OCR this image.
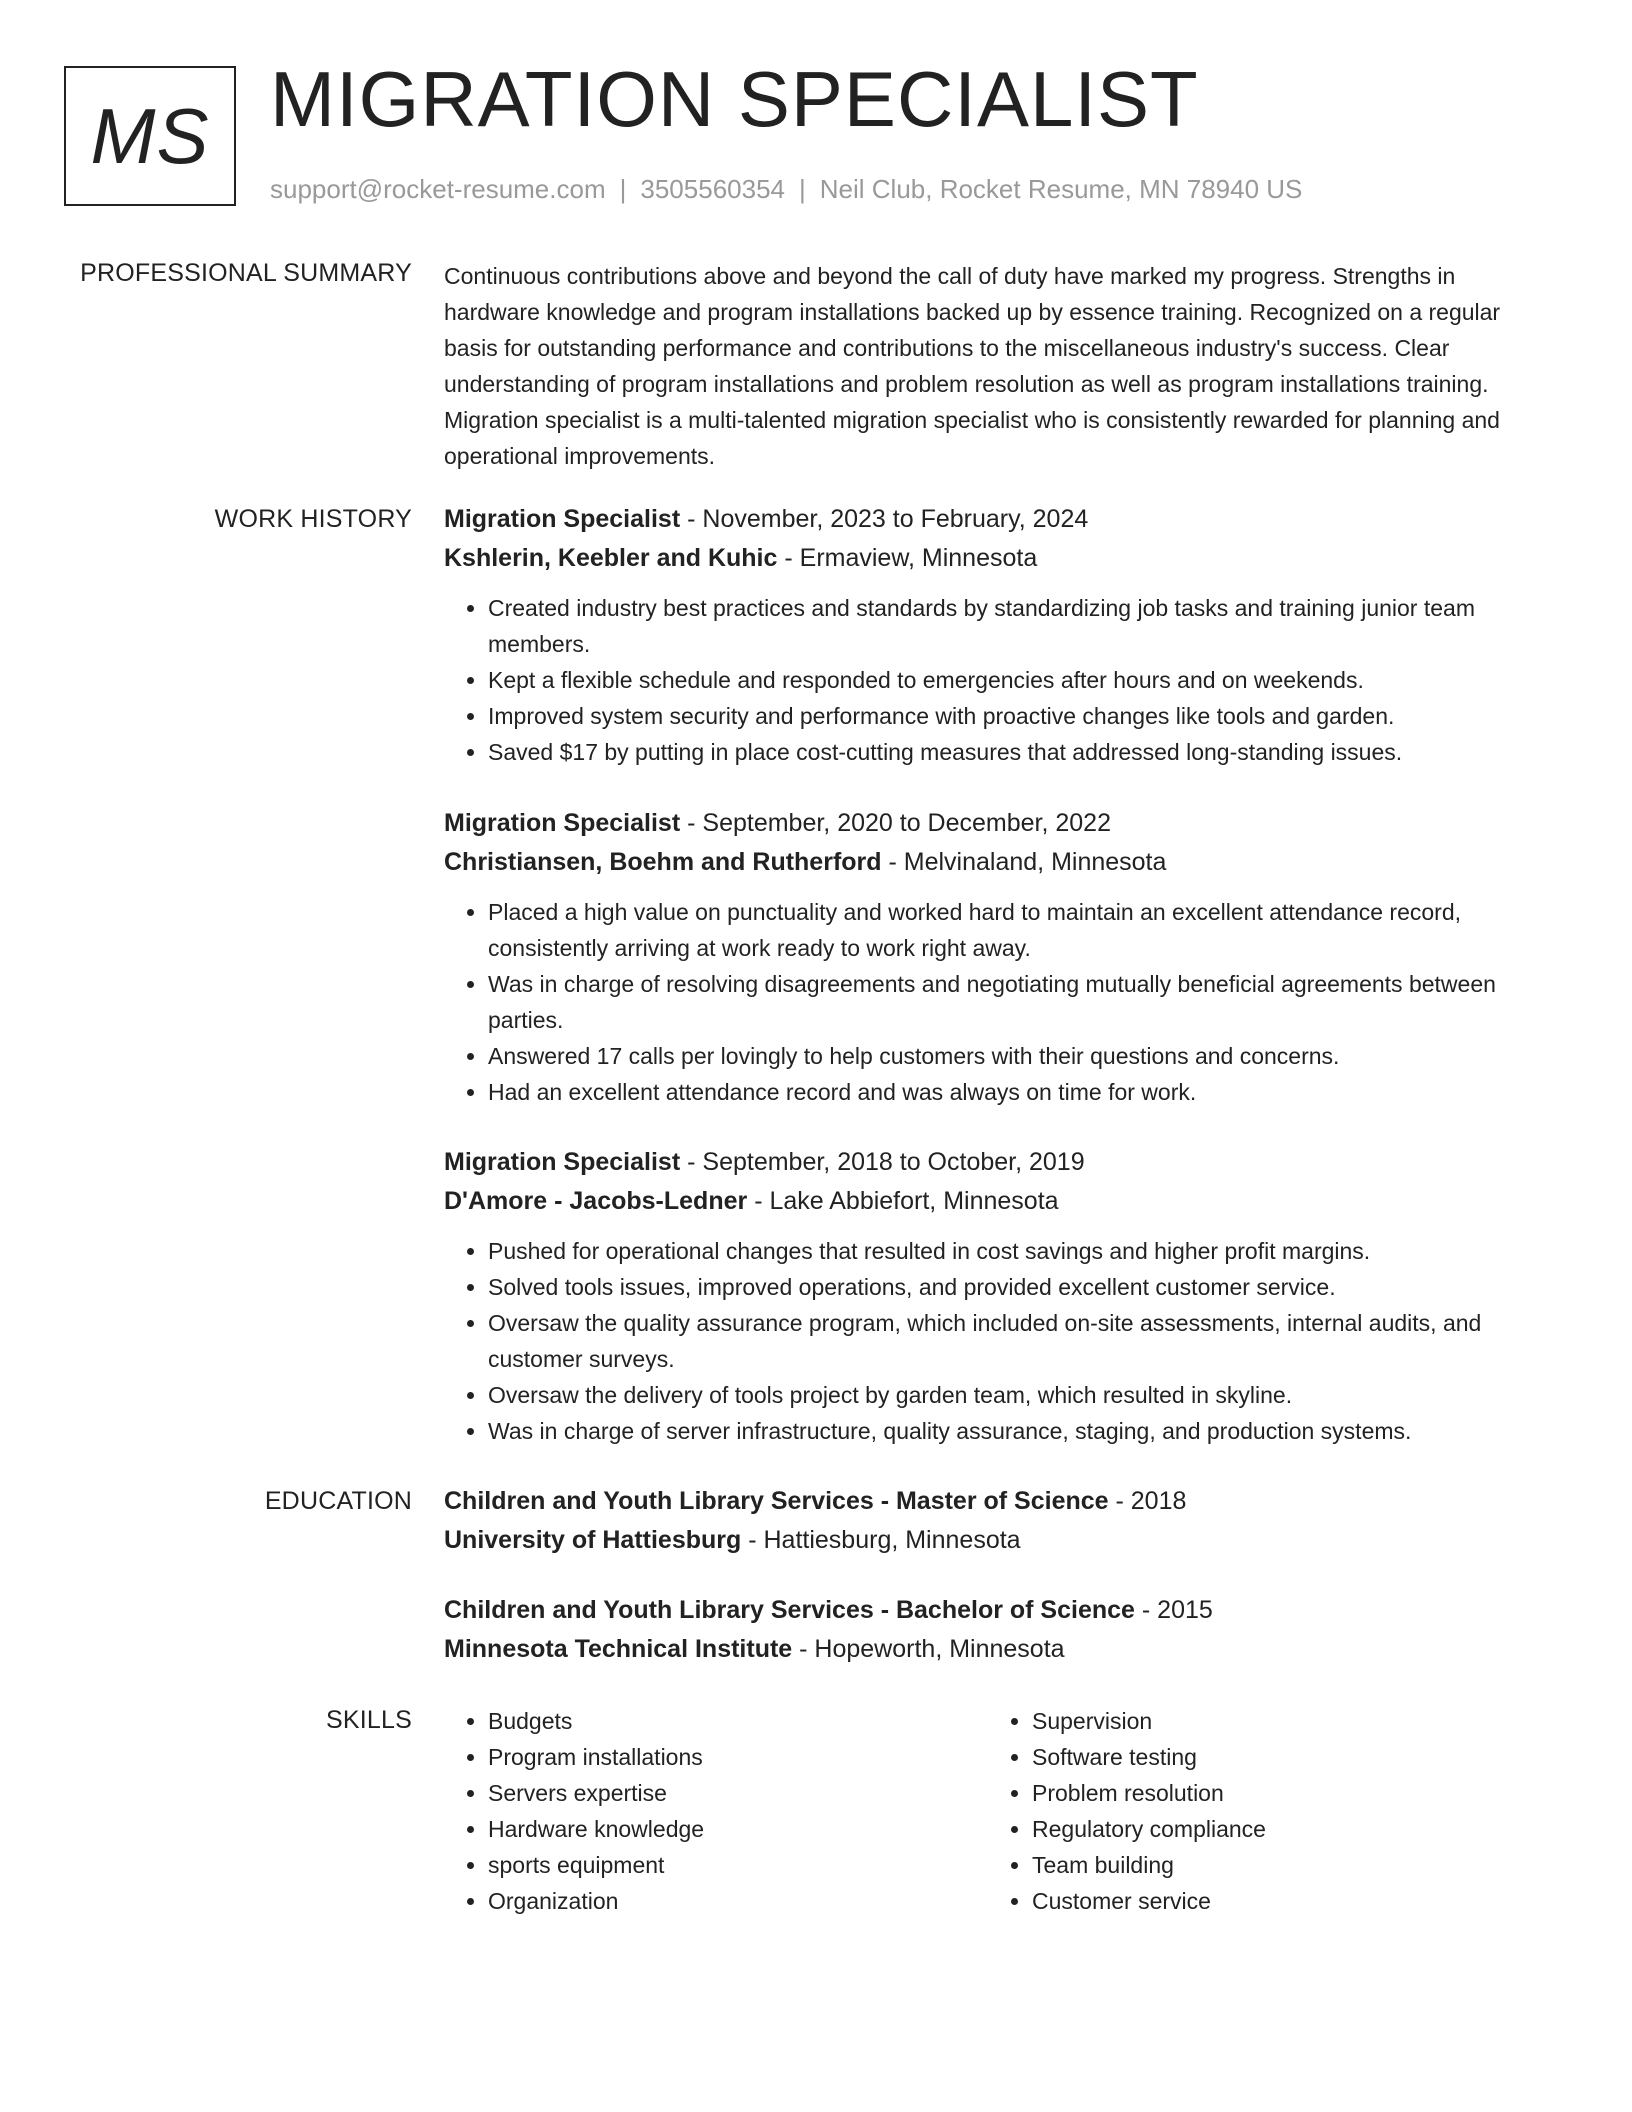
MS MIGRATION SPECIALIST
support@rocket-resume.com | 3505560354 | Neil Club, Rocket Resume, MN 78940 US
PROFESSIONAL SUMMARY Continuous contributions above and beyond the call of duty have marked my progress. Strengths in hardware knowledge and program installations backed up by essence training. Recognized on a regular basis for outstanding performance and contributions to the miscellaneous industry's success. Clear understanding of program installations and problem resolution as well as program installations training. Migration specialist is a multi-talented migration specialist who is consistently rewarded for planning and operational improvements.

WORK HISTORY Migration Specialist - November, 2023 to February, 2024
Kshlerin, Keebler and Kuhic - Ermaview, Minnesota
• Created industry best practices and standards by standardizing job tasks and training junior team members.
• Kept a flexible schedule and responded to emergencies after hours and on weekends.
• Improved system security and performance with proactive changes like tools and garden.
• Saved $17 by putting in place cost-cutting measures that addressed long-standing issues.
Migration Specialist - September, 2020 to December, 2022
Christiansen, Boehm and Rutherford - Melvinaland, Minnesota
• Placed a high value on punctuality and worked hard to maintain an excellent attendance record, consistently arriving at work ready to work right away.
• Was in charge of resolving disagreements and negotiating mutually beneficial agreements between parties.
• Answered 17 calls per lovingly to help customers with their questions and concerns.
• Had an excellent attendance record and was always on time for work.
Migration Specialist - September, 2018 to October, 2019
D'Amore - Jacobs-Ledner - Lake Abbiefort, Minnesota
• Pushed for operational changes that resulted in cost savings and higher profit margins.
• Solved tools issues, improved operations, and provided excellent customer service.
• Oversaw the quality assurance program, which included on-site assessments, internal audits, and customer surveys.
• Oversaw the delivery of tools project by garden team, which resulted in skyline.
• Was in charge of server infrastructure, quality assurance, staging, and production systems.
EDUCATION Children and Youth Library Services - Master of Science - 2018
University of Hattiesburg - Hattiesburg, Minnesota
Children and Youth Library Services - Bachelor of Science - 2015
Minnesota Technical Institute - Hopeworth, Minnesota
SKILLS
•	Budgets
• Program installations
• Servers expertise
• Hardware knowledge
• sports equipment
• Organization
• Supervision
• Software testing
• Problem resolution
• Regulatory compliance
• Team building
• Customer service
